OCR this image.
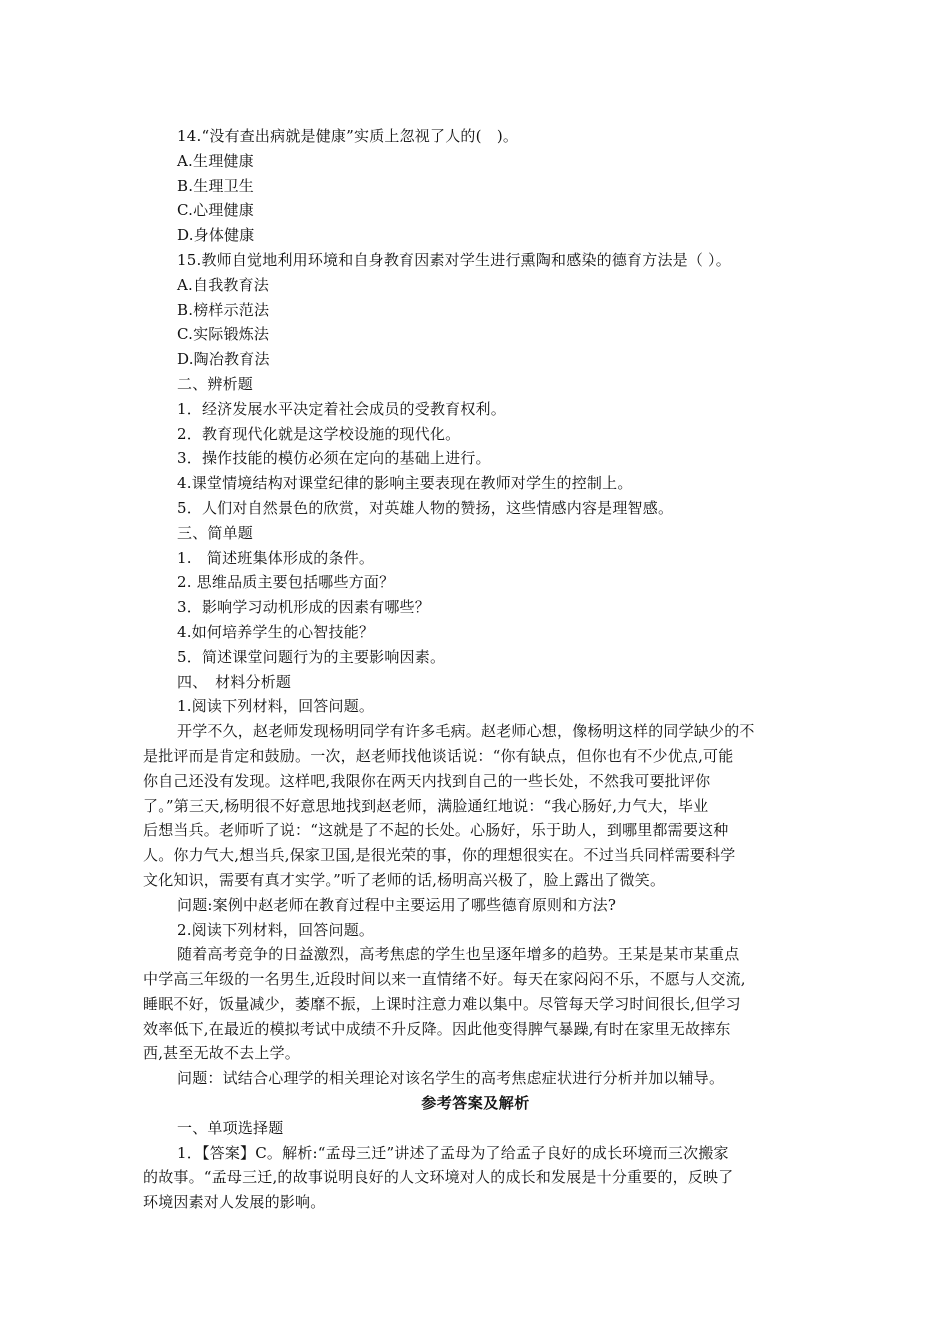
14.“没有查出病就是健康”实质上忽视了人的(　)。
A.生理健康
B.生理卫生
C.心理健康
D.身体健康
15.教师自觉地利用环境和自身教育因素对学生进行熏陶和感染的德育方法是（ ）。
A.自我教育法
B.榜样示范法
C.实际锻炼法
D.陶冶教育法
二、辨析题
1．经济发展水平决定着社会成员的受教育权利。
2．教育现代化就是这学校设施的现代化。
3．操作技能的模仿必须在定向的基础上进行。
4.课堂情境结构对课堂纪律的影响主要表现在教师对学生的控制上。
5．人们对自然景色的欣赏，对英雄人物的赞扬，这些情感内容是理智感。
三、简单题
1.　简述班集体形成的条件。
2. 思维品质主要包括哪些方面？
3．影响学习动机形成的因素有哪些？
4.如何培养学生的心智技能？
5．简述课堂问题行为的主要影响因素。
四、　材料分析题
1.阅读下列材料，回答问题。
开学不久，赵老师发现杨明同学有许多毛病。赵老师心想，像杨明这样的同学缺少的不
是批评而是肯定和鼓励。一次，赵老师找他谈话说：“你有缺点，但你也有不少优点,可能
你自己还没有发现。这样吧,我限你在两天内找到自己的一些长处，不然我可要批评你
了。”第三天,杨明很不好意思地找到赵老师，满脸通红地说：“我心肠好,力气大，毕业
后想当兵。老师听了说：“这就是了不起的长处。心肠好，乐于助人，到哪里都需要这种
人。你力气大,想当兵,保家卫国,是很光荣的事，你的理想很实在。不过当兵同样需要科学
文化知识，需要有真才实学。”听了老师的话,杨明高兴极了，脸上露出了微笑。
问题:案例中赵老师在教育过程中主要运用了哪些德育原则和方法?
2.阅读下列材料，回答问题。
随着高考竞争的日益激烈，高考焦虑的学生也呈逐年增多的趋势。王某是某市某重点
中学高三年级的一名男生,近段时间以来一直情绪不好。每天在家闷闷不乐，不愿与人交流,
睡眠不好，饭量减少，萎靡不振，上课时注意力难以集中。尽管每天学习时间很长,但学习
效率低下,在最近的模拟考试中成绩不升反降。因此他变得脾气暴躁,有时在家里无故摔东
西,甚至无故不去上学。
问题：试结合心理学的相关理论对该名学生的高考焦虑症状进行分析并加以辅导。
参考答案及解析
一、单项选择题
1．【答案】C。解析:“孟母三迁”讲述了孟母为了给孟子良好的成长环境而三次搬家
的故事。“孟母三迁,的故事说明良好的人文环境对人的成长和发展是十分重要的，反映了
环境因素对人发展的影响。
